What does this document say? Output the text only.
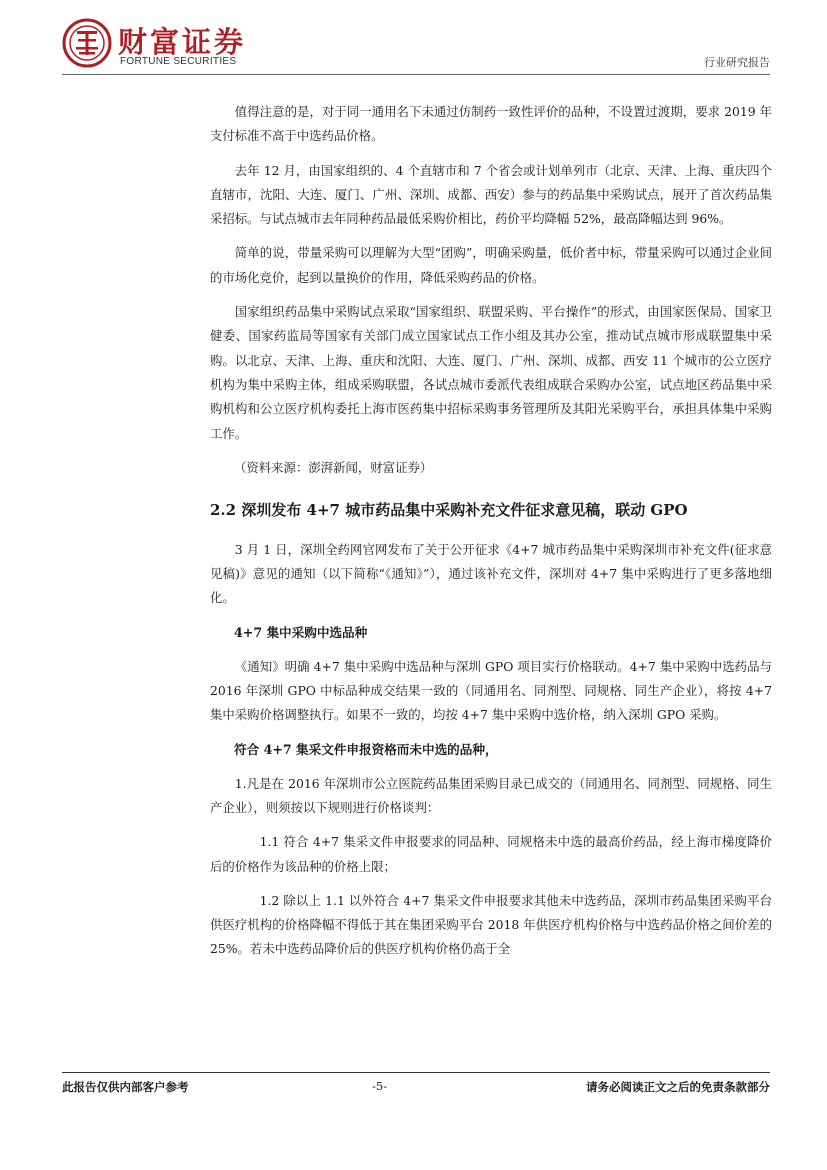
财富证券
FORTUNE SECURITIES	行业研究报告

值得注意的是，对于同一通用名下未通过仿制药一致性评价的品种，不设置过渡期，要求 2019 年支付标准不高于中选药品价格。

去年 12 月，由国家组织的、4 个直辖市和 7 个省会或计划单列市（北京、天津、上海、重庆四个直辖市，沈阳、大连、厦门、广州、深圳、成都、西安）参与的药品集中采购试点，展开了首次药品集采招标。与试点城市去年同种药品最低采购价相比，药价平均降幅 52%，最高降幅达到 96%。

简单的说，带量采购可以理解为大型“团购”，明确采购量，低价者中标，带量采购可以通过企业间的市场化竞价，起到以量换价的作用，降低采购药品的价格。

国家组织药品集中采购试点采取“国家组织、联盟采购、平台操作”的形式，由国家医保局、国家卫健委、国家药监局等国家有关部门成立国家试点工作小组及其办公室，推动试点城市形成联盟集中采购。以北京、天津、上海、重庆和沈阳、大连、厦门、广州、深圳、成都、西安 11 个城市的公立医疗机构为集中采购主体，组成采购联盟，各试点城市委派代表组成联合采购办公室，试点地区药品集中采购机构和公立医疗机构委托上海市医药集中招标采购事务管理所及其阳光采购平台，承担具体集中采购工作。

（资料来源：澎湃新闻，财富证券）
2.2 深圳发布 4+7 城市药品集中采购补充文件征求意见稿，联动 GPO

3 月 1 日，深圳全药网官网发布了关于公开征求《4+7 城市药品集中采购深圳市补充文件(征求意见稿)》意见的通知（以下简称“《通知》”），通过该补充文件，深圳对 4+7 集中采购进行了更多落地细化。

4+7 集中采购中选品种

《通知》明确 4+7 集中采购中选品种与深圳 GPO 项目实行价格联动。4+7 集中采购中选药品与 2016 年深圳 GPO 中标品种成交结果一致的（同通用名、同剂型、同规格、同生产企业），将按 4+7 集中采购价格调整执行。如果不一致的，均按 4+7 集中采购中选价格，纳入深圳 GPO 采购。

符合 4+7 集采文件申报资格而未中选的品种，

1.凡是在 2016 年深圳市公立医院药品集团采购目录已成交的（同通用名、同剂型、同规格、同生产企业），则须按以下规则进行价格谈判：

1.1 符合 4+7 集采文件申报要求的同品种、同规格未中选的最高价药品，经上海市梯度降价后的价格作为该品种的价格上限；

1.2 除以上 1.1 以外符合 4+7 集采文件申报要求其他未中选药品，深圳市药品集团采购平台供医疗机构的价格降幅不得低于其在集团采购平台 2018 年供医疗机构价格与中选药品价格之间价差的 25%。若未中选药品降价后的供医疗机构价格仍高于全

此报告仅供内部客户参考	-5-	请务必阅读正文之后的免责条款部分
